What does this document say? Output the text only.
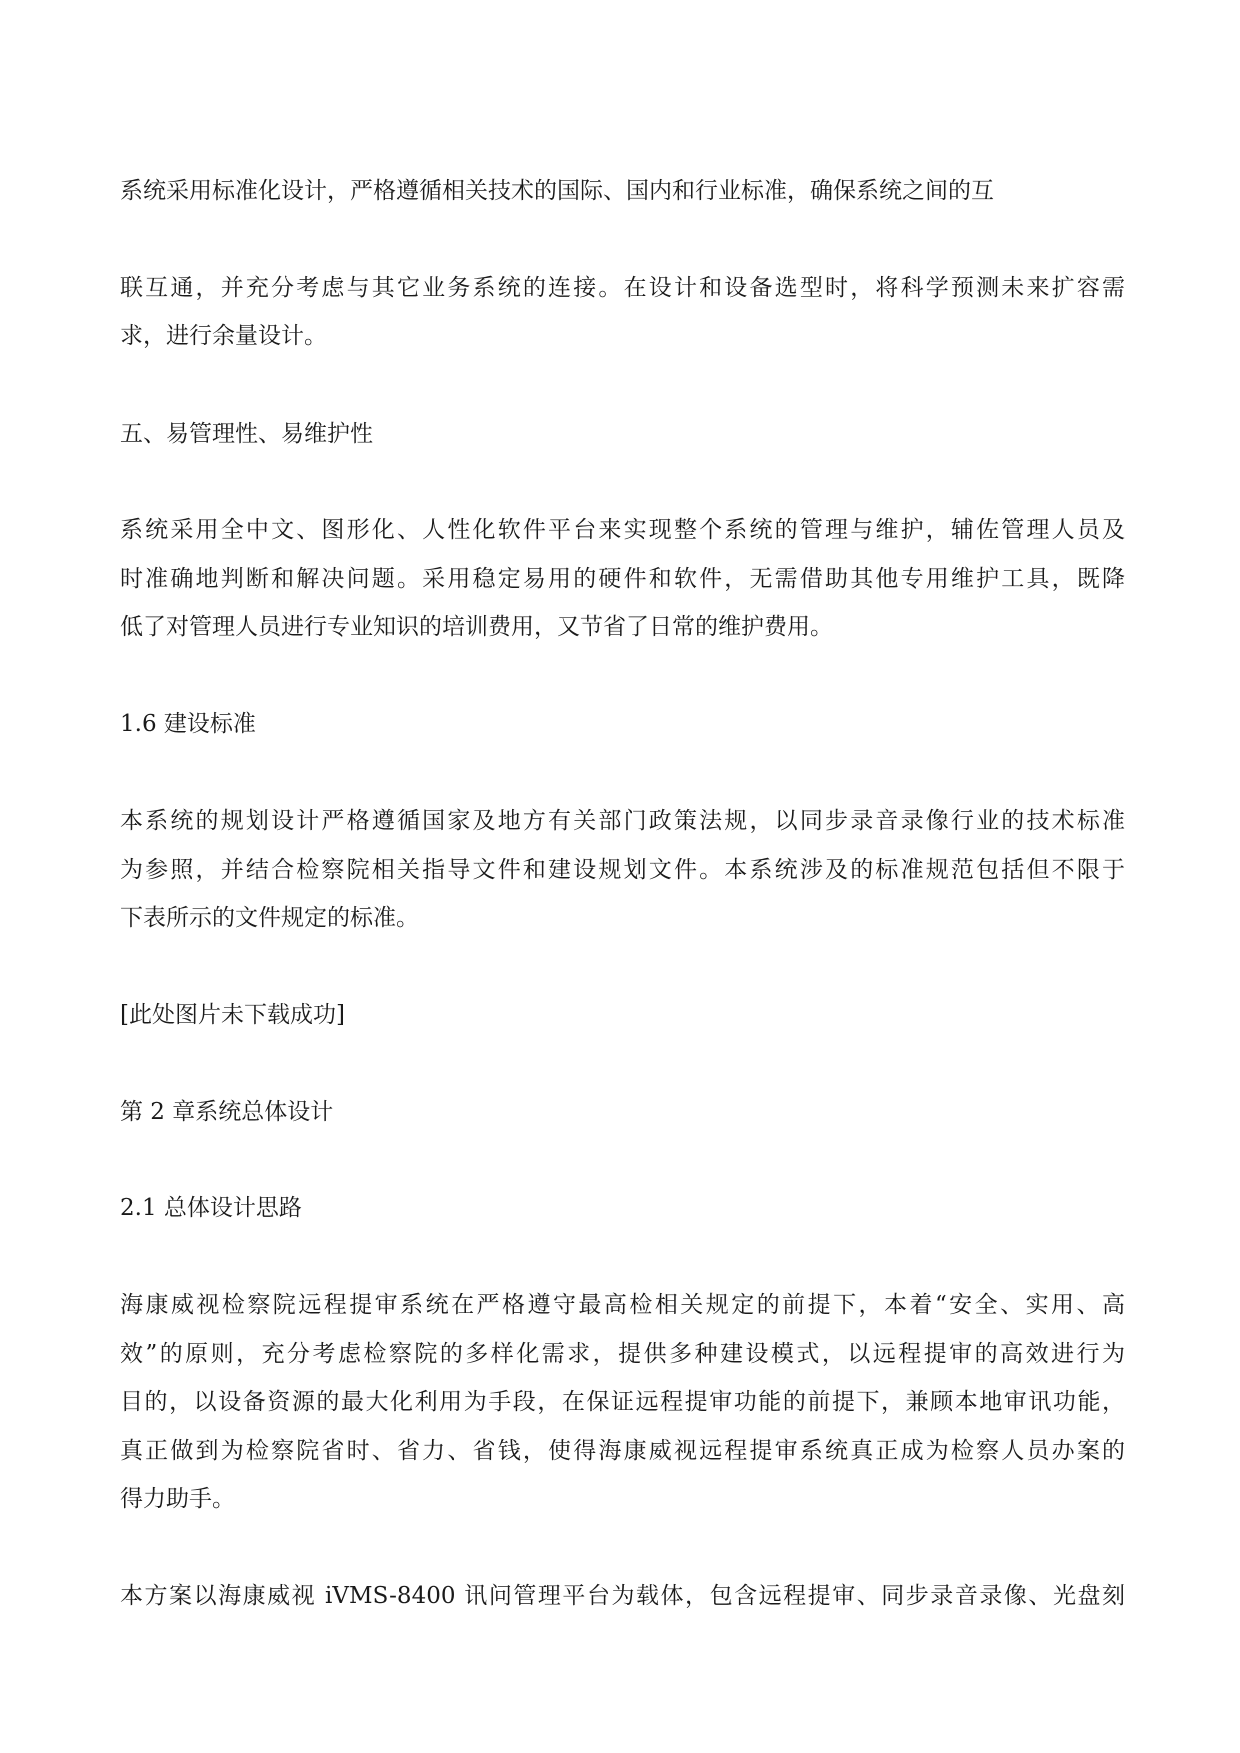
系统采用标准化设计，严格遵循相关技术的国际、国内和行业标准，确保系统之间的互
联互通，并充分考虑与其它业务系统的连接。在设计和设备选型时，将科学预测未来扩容需
求，进行余量设计。
五、易管理性、易维护性
系统采用全中文、图形化、人性化软件平台来实现整个系统的管理与维护，辅佐管理人员及
时准确地判断和解决问题。采用稳定易用的硬件和软件，无需借助其他专用维护工具，既降
低了对管理人员进行专业知识的培训费用，又节省了日常的维护费用。
1.6 建设标准
本系统的规划设计严格遵循国家及地方有关部门政策法规，以同步录音录像行业的技术标准
为参照，并结合检察院相关指导文件和建设规划文件。本系统涉及的标准规范包括但不限于
下表所示的文件规定的标准。
[此处图片未下载成功]
第 2 章系统总体设计
2.1 总体设计思路
海康威视检察院远程提审系统在严格遵守最高检相关规定的前提下，本着“安全、实用、高
效”的原则，充分考虑检察院的多样化需求，提供多种建设模式，以远程提审的高效进行为
目的，以设备资源的最大化利用为手段，在保证远程提审功能的前提下，兼顾本地审讯功能，
真正做到为检察院省时、省力、省钱，使得海康威视远程提审系统真正成为检察人员办案的
得力助手。
本方案以海康威视 iVMS-8400 讯问管理平台为载体，包含远程提审、同步录音录像、光盘刻
